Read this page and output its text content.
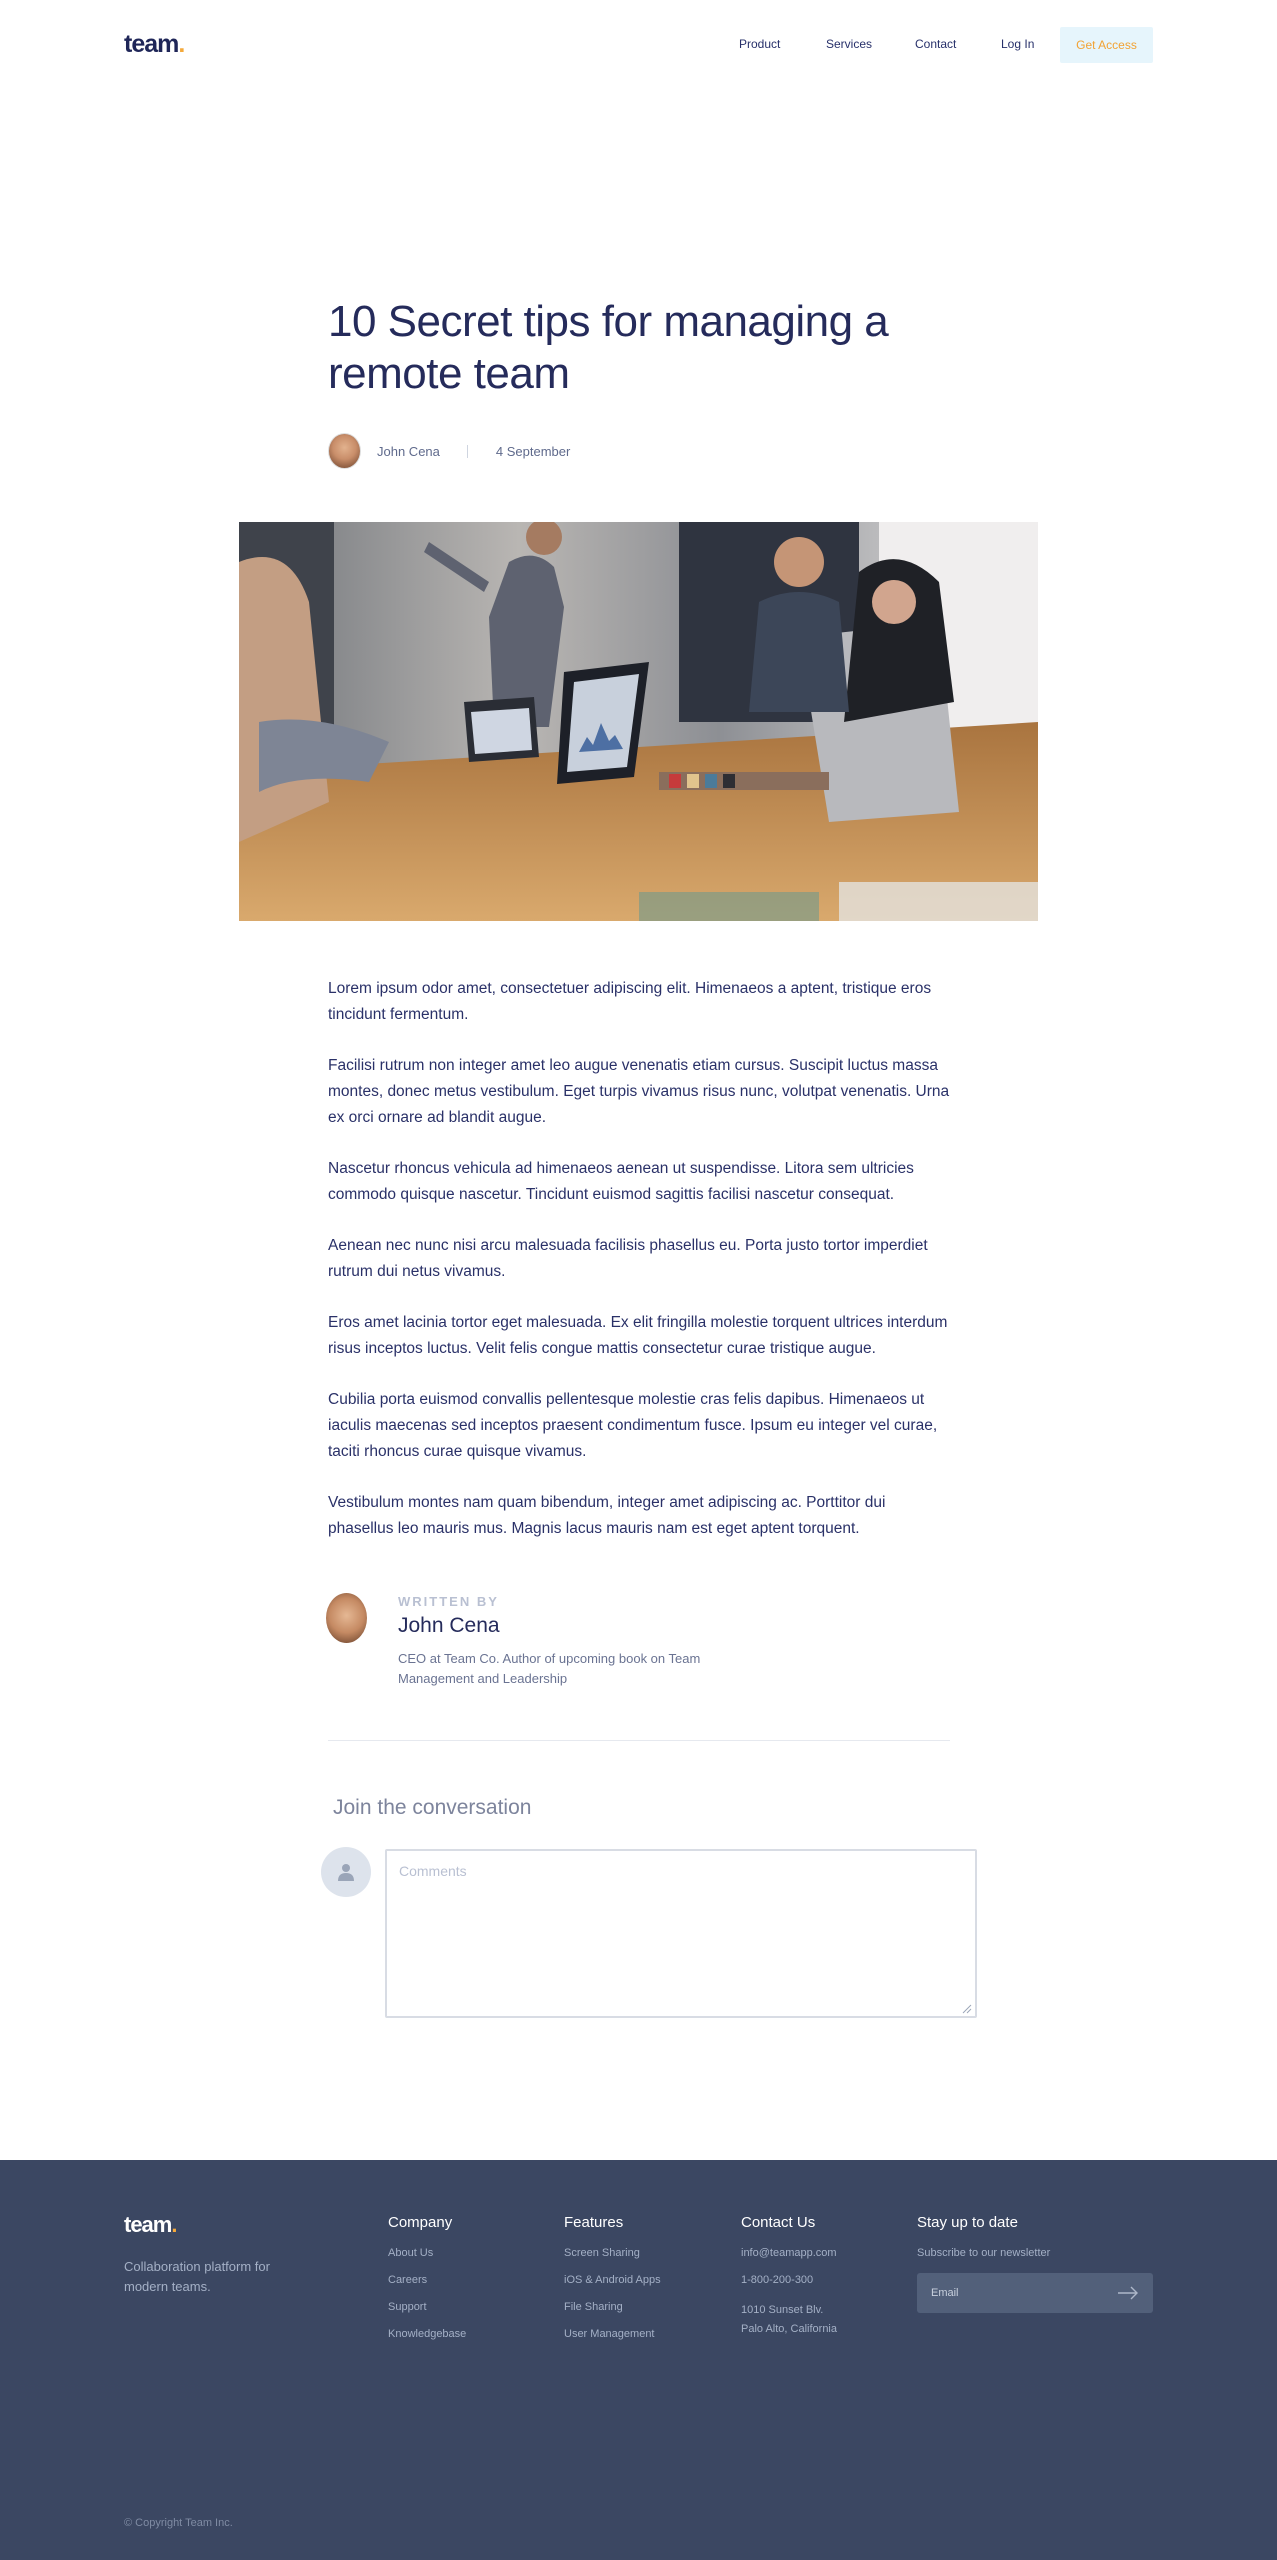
team.	Product	Services	Contact	Log In	Get Access
10 Secret tips for managing a remote team
John Cena	4 September

Lorem ipsum odor amet, consectetuer adipiscing elit. Himenaeos a aptent, tristique eros tincidunt fermentum.

Facilisi rutrum non integer amet leo augue venenatis etiam cursus. Suscipit luctus massa montes, donec metus vestibulum. Eget turpis vivamus risus nunc, volutpat venenatis. Urna ex orci ornare ad blandit augue.

Nascetur rhoncus vehicula ad himenaeos aenean ut suspendisse. Litora sem ultricies commodo quisque nascetur. Tincidunt euismod sagittis facilisi nascetur consequat.

Aenean nec nunc nisi arcu malesuada facilisis phasellus eu. Porta justo tortor imperdiet rutrum dui netus vivamus.

Eros amet lacinia tortor eget malesuada. Ex elit fringilla molestie torquent ultrices interdum risus inceptos luctus. Velit felis congue mattis consectetur curae tristique augue.

Cubilia porta euismod convallis pellentesque molestie cras felis dapibus. Himenaeos ut iaculis maecenas sed inceptos praesent condimentum fusce. Ipsum eu integer vel curae, taciti rhoncus curae quisque vivamus.

Vestibulum montes nam quam bibendum, integer amet adipiscing ac. Porttitor dui phasellus leo mauris mus. Magnis lacus mauris nam est eget aptent torquent.

WRITTEN BY
John Cena
CEO at Team Co. Author of upcoming book on Team Management and Leadership
Join the conversation
Comments
team.
Collaboration platform for modern teams.
Company
About Us
Careers
Support
Knowledgebase
Features
Screen Sharing
iOS & Android Apps
File Sharing
User Management
Contact Us
info@teamapp.com
1-800-200-300
1010 Sunset Blv.
Palo Alto, California
Stay up to date
Subscribe to our newsletter
Email
© Copyright Team Inc.
